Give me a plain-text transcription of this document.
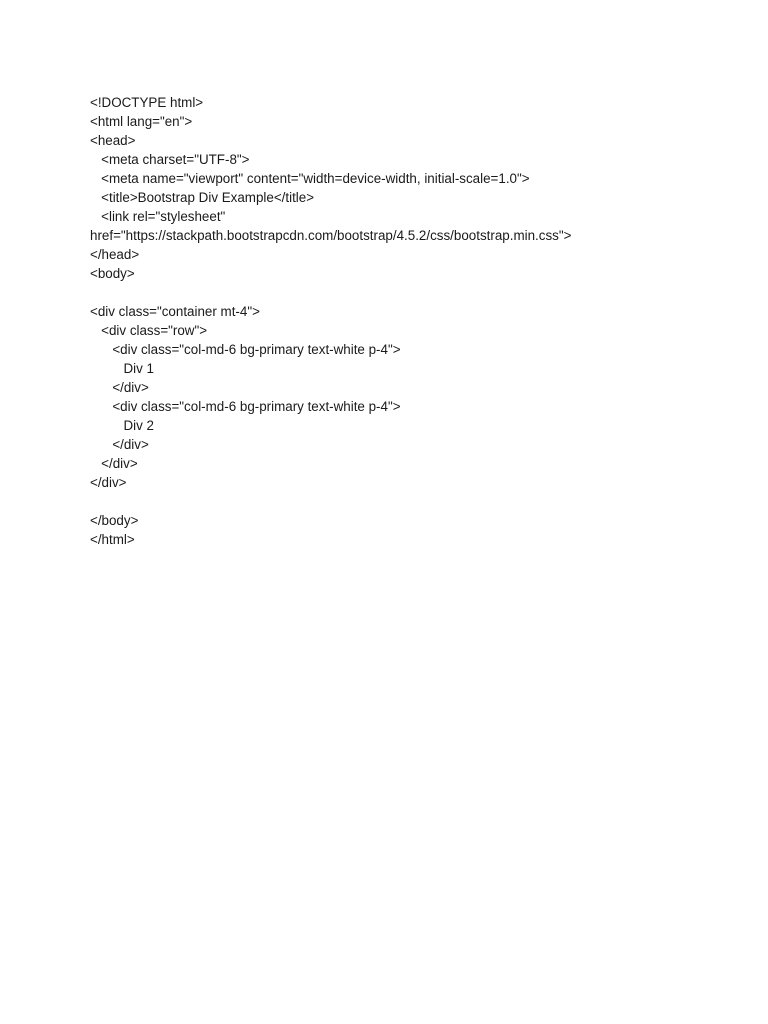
<!DOCTYPE html>
<html lang="en">
<head>
<meta charset="UTF-8">
<meta name="viewport" content="width=device-width, initial-scale=1.0">
<title>Bootstrap Div Example</title>
<link rel="stylesheet"
href="https://stackpath.bootstrapcdn.com/bootstrap/4.5.2/css/bootstrap.min.css">
</head>
<body>
<div class="container mt-4">
<div class="row">
<div class="col-md-6 bg-primary text-white p-4">
Div 1
</div>
<div class="col-md-6 bg-primary text-white p-4">
Div 2
</div>
</div>
</div>
</body>
</html>
